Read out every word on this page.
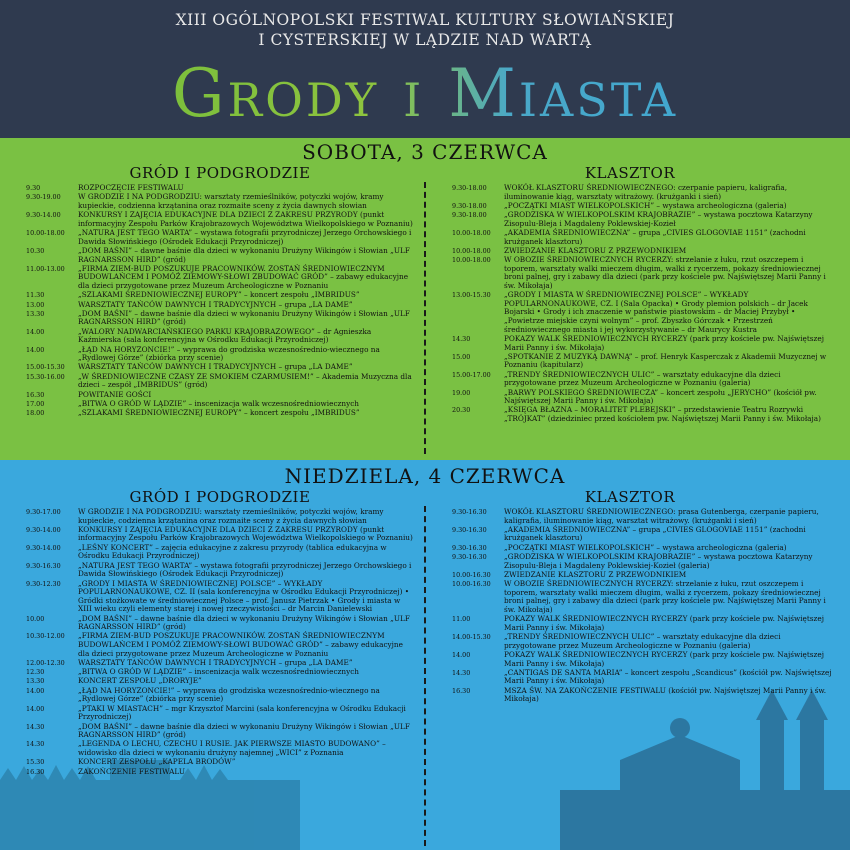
XIII OGÓLNOPOLSKI FESTIWAL KULTURY SŁOWIAŃSKIEJ
I CYSTERSKIEJ W LĄDZIE NAD WARTĄ
Grody i Miasta
SOBOTA, 3 CZERWCA
GRÓD I PODGRODZIE	KLASZTOR
9.30	ROZPOCZĘCIE FESTIWALU
9.30-19.00	W GRODZIE I NA PODGRODZIU: warsztaty rzemieślników, potyczki wojów, kramy kupieckie, codzienna krzątanina oraz rozmaite sceny z życia dawnych słowian
9.30-14.00	KONKURSY I ZAJĘCIA EDUKACYJNE DLA DZIECI Z ZAKRESU PRZYRODY (punkt informacyjny Zespołu Parków Krajobrazowych Województwa Wielkopolskiego w Poznaniu)
10.00-18.00	„NATURA JEST TEGO WARTA” – wystawa fotografii przyrodniczej Jerzego Orchowskiego i Dawida Słowińskiego (Ośrodek Edukacji Przyrodniczej)
10.30	„DOM BAŚNI” – dawne baśnie dla dzieci w wykonaniu Drużyny Wikingów i Słowian „ULF RAGNARSSON HIRD” (gród)
11.00-13.00	„FIRMA ZIEM-BUD POSZUKUJE PRACOWNIKÓW. ZOSTAŃ ŚREDNIOWIECZNYM BUDOWLAŃCEM I POMÓŻ ZIEMOWY-SŁOWI ZBUDOWAĆ GRÓD” – zabawy edukacyjne dla dzieci przygotowane przez Muzeum Archeologiczne w Poznaniu
11.30	„SZLAKAMI ŚREDNIOWIECZNEJ EUROPY” – koncert zespołu „IMBRIDUS”
13.00	WARSZTATY TAŃCÓW DAWNYCH I TRADYCYJNYCH – grupa „LA DAME”
13.30	„DOM BAŚNI” – dawne baśnie dla dzieci w wykonaniu Drużyny Wikingów i Słowian „ULF RAGNARSSON HIRD” (gród)
14.00	„WALORY NADWARCIAŃSKIEGO PARKU KRAJOBRAZOWEGO” – dr Agnieszka Kaźmierska (sala konferencyjna w Ośrodku Edukacji Przyrodniczej)
14.00	„ŁĄD NA HORYZONCIE!” – wyprawa do grodziska wczesnośrednio-wiecznego na „Rydlowej Górze” (zbiórka przy scenie)
15.00-15.30	WARSZTATY TAŃCÓW DAWNYCH I TRADYCYJNYCH – grupa „LA DAME”
15.30-16.00	„W ŚREDNIOWIECZNE CZASY ZE SMOKIEM CZARMUSIEM!” – Akademia Muzyczna dla dzieci – zespół „IMBRIDUS” (gród)
16.30	POWITANIE GOŚCI
17.00	„BITWA O GRÓD W LĄDZIE” – inscenizacja walk wczesnośredniowiecznych
18.00	„SZLAKAMI ŚREDNIOWIECZNEJ EUROPY” – koncert zespołu „IMBRIDUS”
9.30-18.00	WOKÓŁ KLASZTORU ŚREDNIOWIECZNEGO: czerpanie papieru, kaligrafia, iluminowanie kiąg, warsztaty witrażowy. (krużganki i sień)
9.30-18.00	„POCZĄTKI MIAST WIELKOPOLSKICH” – wystawa archeologiczna (galeria)
9.30-18.00	„GRODZISKA W WIELKOPOLSKIM KRAJOBRAZIE” – wystawa pocztowa Katarzyny Zisopulu-Bleja i Magdaleny Poklewskiej-Kozieł
10.00-18.00	„AKADEMIA ŚREDNIOWIECZNA” – grupa „CIVIES GLOGOVIAE 1151” (zachodni krużganek klasztoru)
10.00-18.00	ZWIEDZANIE KLASZTORU Z PRZEWODNIKIEM
10.00-18.00	W OBOZIE ŚREDNIOWIECZNYCH RYCERZY: strzelanie z łuku, rzut oszczepem i toporem, warsztaty walki mieczem długim, walki z rycerzem, pokazy średniowiecznej broni palnej, gry i zabawy dla dzieci (park przy kościele pw. Najświętszej Marii Panny i św. Mikołaja)
13.00-15.30	„GRODY I MIASTA W ŚREDNIOWIECZNEJ POLSCE” – WYKŁADY POPULARNONAUKOWE, CZ. I (Sala Opacka) • Grody plemion polskich – dr Jacek Bojarski • Grody i ich znaczenie w państwie piastowskim – dr Maciej Przybył • „Powietrze miejskie czyni wolnym” – prof. Zbyszko Górczak • Przestrzeń średniowiecznego miasta i jej wykorzystywanie – dr Maurycy Kustra
14.30	POKAZY WALK ŚREDNIOWIECZNYCH RYCERZY (park przy kościele pw. Najświętszej Marii Panny i św. Mikołaja)
15.00	„SPOTKANIE Z MUZYKĄ DAWNĄ” – prof. Henryk Kasperczak z Akademii Muzycznej w Poznaniu (kapitularz)
15.00-17.00	„TRENDY ŚREDNIOWIECZNYCH ULIC” – warsztaty edukacyjne dla dzieci przygotowane przez Muzeum Archeologiczne w Poznaniu (galeria)
19.00	„BARWY POLSKIEGO ŚREDNIOWIECZA” – koncert zespołu „JERYCHO” (kościół pw. Najświętszej Marii Panny i św. Mikołaja)
20.30	„KSIĘGA BŁAZNA – MORALITET PLEBEJSKI” – przedstawienie Teatru Rozrywki „TRÓJKAT” (dziedziniec przed kościołem pw. Najświętszej Marii Panny i św. Mikołaja)
NIEDZIELA, 4 CZERWCA
GRÓD I PODGRODZIE	KLASZTOR
9.30-17.00	W GRODZIE I NA PODGRODZIU: warsztaty rzemieślników, potyczki wojów, kramy kupieckie, codzienna krzątanina oraz rozmaite sceny z życia dawnych słowian
9.30-14.00	KONKURSY I ZAJĘCIA EDUKACYJNE DLA DZIECI Z ZAKRESU PRZYRODY (punkt informacyjny Zespołu Parków Krajobrazowych Województwa Wielkopolskiego w Poznaniu)
9.30-14.00	„LEŚNY KONCERT” – zajęcia edukacyjne z zakresu przyrody (tablica edukacyjna w Ośrodku Edukacji Przyrodniczej)
9.30-16.30	„NATURA JEST TEGO WARTA” – wystawa fotografii przyrodniczej Jerzego Orchowskiego i Dawida Słowińskiego (Ośrodek Edukacji Przyrodniczej)
9.30-12.30	„GRODY I MIASTA W ŚREDNIOWIECZNEJ POLSCE” – WYKŁADY POPULARNONAUKOWE, CZ. II (sala konferencyjna w Ośrodku Edukacji Przyrodniczej) • Gródki stożkowate w średniowiecznej Polsce – prof. Janusz Pietrzak • Grody i miasta w XIII wieku czyli elementy starej i nowej rzeczywistości – dr Marcin Danielewski
10.00	„DOM BAŚNI” – dawne baśnie dla dzieci w wykonaniu Drużyny Wikingów i Słowian „ULF RAGNARSSON HIRD” (gród)
10.30-12.00	„FIRMA ZIEM-BUD POSZUKUJE PRACOWNIKÓW. ZOSTAŃ ŚREDNIOWIECZNYM BUDOWLAŃCEM I POMÓŻ ZIEMOWY-SŁOWI BUDOWAĆ GRÓD” – zabawy edukacyjne dla dzieci przygotowane przez Muzeum Archeologiczne w Poznaniu
12.00-12.30	WARSZTATY TAŃCÓW DAWNYCH I TRADYCYJNYCH – grupa „LA DAME”
12.30	„BITWA O GRÓD W LĄDZIE” – inscenizacja walk wczesnośredniowiecznych
13.30	KONCERT ZESPOŁU „DRORYJE”
14.00	„ŁĄD NA HORYZONCIE!” – wyprawa do grodziska wczesnośrednio-wiecznego na „Rydlowej Górze” (zbiórka przy scenie)
14.00	„PTAKI W MIASTACH” – mgr Krzysztof Marcini (sala konferencyjna w Ośrodku Edukacji Przyrodniczej)
14.30	„DOM BAŚNI” – dawne baśnie dla dzieci w wykonaniu Drużyny Wikingów i Słowian „ULF RAGNARSSON HIRD” (gród)
14.30	„LEGENDA O LECHU, CZECHU I RUSIE. JAK PIERWSZE MIASTO BUDOWANO” – widowisko dla dzieci w wykonaniu drużyny najemnej „WICI” z Poznania
15.30	KONCERT ZESPOŁU „KAPELA BRODÓW”
16.30	ZAKOŃCZENIE FESTIWALU
9.30-16.30	WOKÓŁ KLASZTORU ŚREDNIOWIECZNEGO: prasa Gutenberga, czerpanie papieru, kaligrafia, iluminowanie kiąg, warsztat witrażowy. (krużganki i sień)
9.30-16.30	„AKADEMIA ŚREDNIOWIECZNA” – grupa „CIVIES GLOGOVIAE 1151” (zachodni krużganek klasztoru)
9.30-16.30	„POCZĄTKI MIAST WIELKOPOLSKICH” – wystawa archeologiczna (galeria)
9.30-16.30	„GRODZISKA W WIELKOPOLSKIM KRAJOBRAZIE” – wystawa pocztowa Katarzyny Zisopulu-Bleja i Magdaleny Poklewskiej-Kozieł (galeria)
10.00-16.30	ZWIEDZANIE KLASZTORU Z PRZEWODNIKIEM
10.00-16.30	W OBOZIE ŚREDNIOWIECZNYCH RYCERZY: strzelanie z łuku, rzut oszczepem i toporem, warsztaty walki mieczem długim, walki z rycerzem, pokazy średniowiecznej broni palnej, gry i zabawy dla dzieci (park przy kościele pw. Najświętszej Marii Panny i św. Mikołaja)
11.00	POKAZY WALK ŚREDNIOWIECZNYCH RYCERZY (park przy kościele pw. Najświętszej Marii Panny i św. Mikołaja)
14.00-15.30	„TRENDY ŚREDNIOWIECZNYCH ULIC” – warsztaty edukacyjne dla dzieci przygotowane przez Muzeum Archeologiczne w Poznaniu (galeria)
14.00	POKAZY WALK ŚREDNIOWIECZNYCH RYCERZY (park przy kościele pw. Najświętszej Marii Panny i św. Mikołaja)
14.30	„CANTIGAS DE SANTA MARIA” – koncert zespołu „Scandicus” (kościół pw. Najświętszej Marii Panny i św. Mikołaja)
16.30	MSZA ŚW. NA ZAKOŃCZENIE FESTIWALU (kościół pw. Najświętszej Marii Panny i św. Mikołaja)
